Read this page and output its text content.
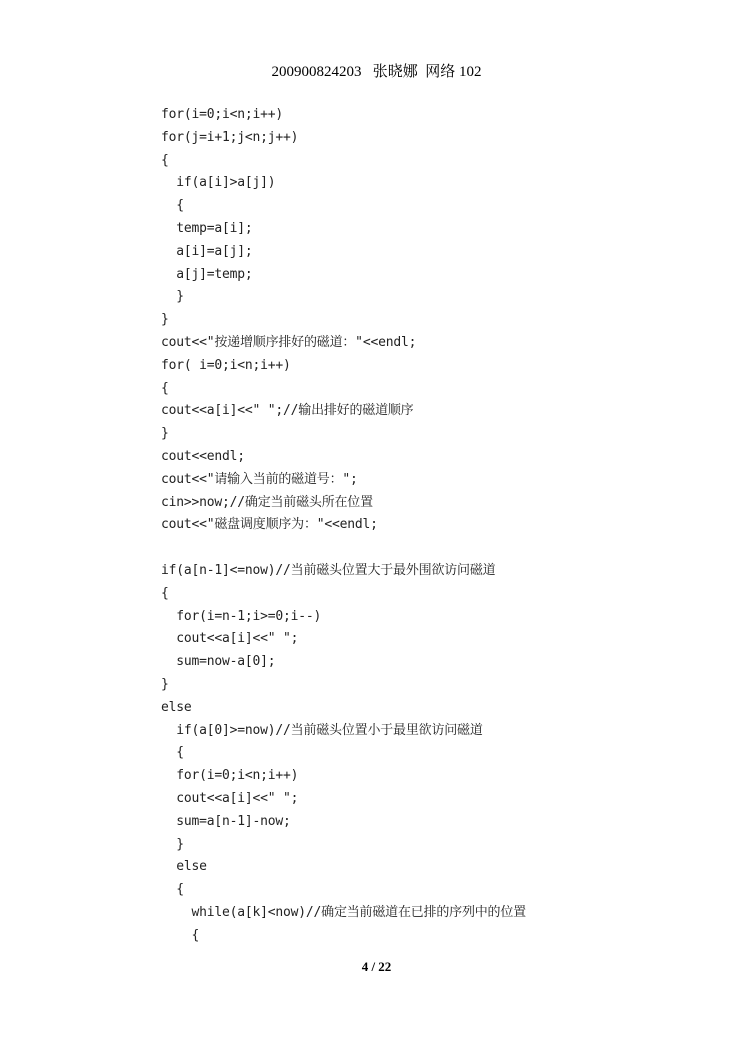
200900824203   张晓娜  网络 102
for(i=0;i<n;i++)
for(j=i+1;j<n;j++)
{
if(a[i]>a[j])
{
temp=a[i];
a[i]=a[j];
a[j]=temp;
}
}
cout<<"按递增顺序排好的磁道："<<endl;
for( i=0;i<n;i++)
{
cout<<a[i]<<" ";//输出排好的磁道顺序
}
cout<<endl;
cout<<"请输入当前的磁道号：";
cin>>now;//确定当前磁头所在位置
cout<<"磁盘调度顺序为："<<endl;
if(a[n-1]<=now)//当前磁头位置大于最外围欲访问磁道
{
for(i=n-1;i>=0;i--)
cout<<a[i]<<" ";
sum=now-a[0];
}
else
if(a[0]>=now)//当前磁头位置小于最里欲访问磁道
{
for(i=0;i<n;i++)
cout<<a[i]<<" ";
sum=a[n-1]-now;
}
else
{
while(a[k]<now)//确定当前磁道在已排的序列中的位置
{
4 / 22
